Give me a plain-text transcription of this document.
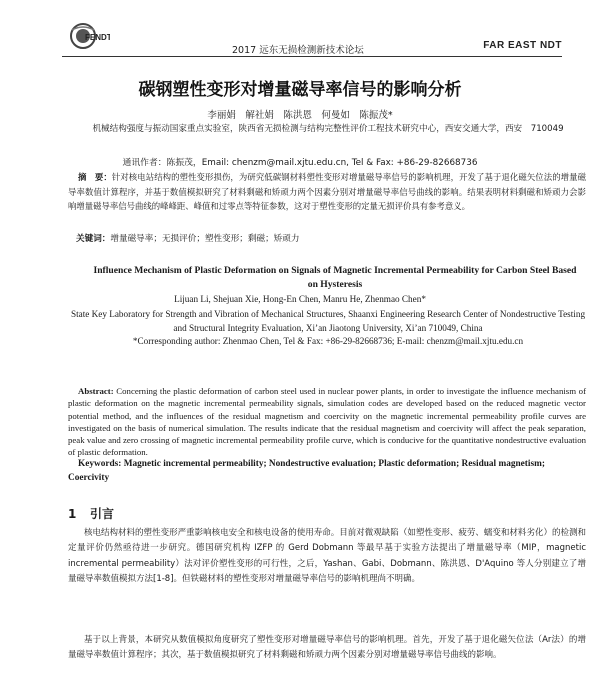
FENDT
2017 远东无损检测新技术论坛	FAR EAST NDT
碳钢塑性变形对增量磁导率信号的影响分析
李丽娟　解社娟　陈洪恩　何曼如　陈振茂*
机械结构强度与振动国家重点实验室，陕西省无损检测与结构完整性评价工程技术研究中心，西安交通大学，西安　710049
通讯作者：陈振茂，Email: chenzm@mail.xjtu.edu.cn, Tel & Fax: +86-29-82668736
摘　要：针对核电站结构的塑性变形损伤，为研究低碳钢材料塑性变形对增量磁导率信号的影响机理，开发了基于退化磁矢位法的增量磁导率数值计算程序，并基于数值模拟研究了材料剩磁和矫顽力两个因素分别对增量磁导率信号曲线的影响。结果表明材料剩磁和矫顽力会影响增量磁导率信号曲线的峰峰距、峰值和过零点等特征参数，这对于塑性变形的定量无损评价具有参考意义。
关键词：增量磁导率；无损评价；塑性变形；剩磁；矫顽力
Influence Mechanism of Plastic Deformation on Signals of Magnetic Incremental Permeability for Carbon Steel Based on Hysteresis
Lijuan Li, Shejuan Xie, Hong-En Chen, Manru He, Zhenmao Chen*
State Key Laboratory for Strength and Vibration of Mechanical Structures, Shaanxi Engineering Research Center of Nondestructive Testing and Structural Integrity Evaluation, Xi’an Jiaotong University, Xi’an 710049, China
*Corresponding author: Zhenmao Chen, Tel & Fax: +86-29-82668736; E-mail: chenzm@mail.xjtu.edu.cn
Abstract: Concerning the plastic deformation of carbon steel used in nuclear power plants, in order to investigate the influence mechanism of plastic deformation on the magnetic incremental permeability signals, simulation codes are developed based on the reduced magnetic vector potential method, and the influences of the residual magnetism and coercivity on the magnetic incremental permeability profile curves are investigated on the basis of numerical simulation. The results indicate that the residual magnetism and coercivity will affect the peak separation, peak value and zero crossing of magnetic incremental permeability profile curve, which is conducive for the quantitative nondestructive evaluation of plastic deformation.
Keywords: Magnetic incremental permeability; Nondestructive evaluation; Plastic deformation; Residual magnetism; Coercivity
1 引言
核电结构材料的塑性变形严重影响核电安全和核电设备的使用寿命。目前对微观缺陷（如塑性变形、疲劳、蠕变和材料劣化）的检测和定量评价仍然亟待进一步研究。德国研究机构 IZFP 的 Gerd Dobmann 等最早基于实验方法提出了增量磁导率（MIP，magnetic incremental permeability）法对评价塑性变形的可行性，之后，Yashan、Gabi、Dobmann、陈洪恩、D'Aquino 等人分别建立了增量磁导率数值模拟方法[1-8]。但铁磁材料的塑性变形对增量磁导率信号的影响机理尚不明确。
基于以上背景，本研究从数值模拟角度研究了塑性变形对增量磁导率信号的影响机理。首先，开发了基于退化磁矢位法（Ar法）的增量磁导率数值计算程序；其次，基于数值模拟研究了材料剩磁和矫顽力两个因素分别对增量磁导率信号曲线的影响。
